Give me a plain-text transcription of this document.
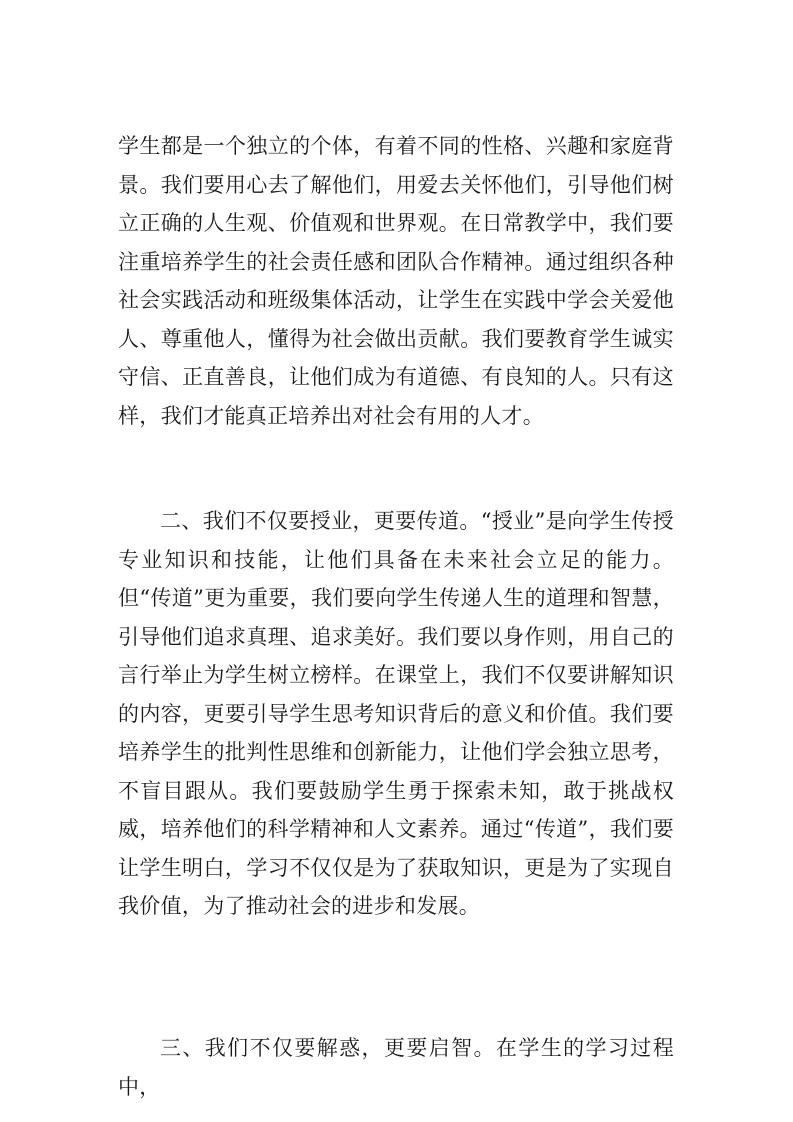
学生都是一个独立的个体，有着不同的性格、兴趣和家庭背景。我们要用心去了解他们，用爱去关怀他们，引导他们树立正确的人生观、价值观和世界观。在日常教学中，我们要注重培养学生的社会责任感和团队合作精神。通过组织各种社会实践活动和班级集体活动，让学生在实践中学会关爱他人、尊重他人，懂得为社会做出贡献。我们要教育学生诚实守信、正直善良，让他们成为有道德、有良知的人。只有这样，我们才能真正培养出对社会有用的人才。

二、我们不仅要授业，更要传道。“授业”是向学生传授专业知识和技能，让他们具备在未来社会立足的能力。但“传道”更为重要，我们要向学生传递人生的道理和智慧，引导他们追求真理、追求美好。我们要以身作则，用自己的言行举止为学生树立榜样。在课堂上，我们不仅要讲解知识的内容，更要引导学生思考知识背后的意义和价值。我们要培养学生的批判性思维和创新能力，让他们学会独立思考，不盲目跟从。我们要鼓励学生勇于探索未知，敢于挑战权威，培养他们的科学精神和人文素养。通过“传道”，我们要让学生明白，学习不仅仅是为了获取知识，更是为了实现自我价值，为了推动社会的进步和发展。

三、我们不仅要解惑，更要启智。在学生的学习过程中，
